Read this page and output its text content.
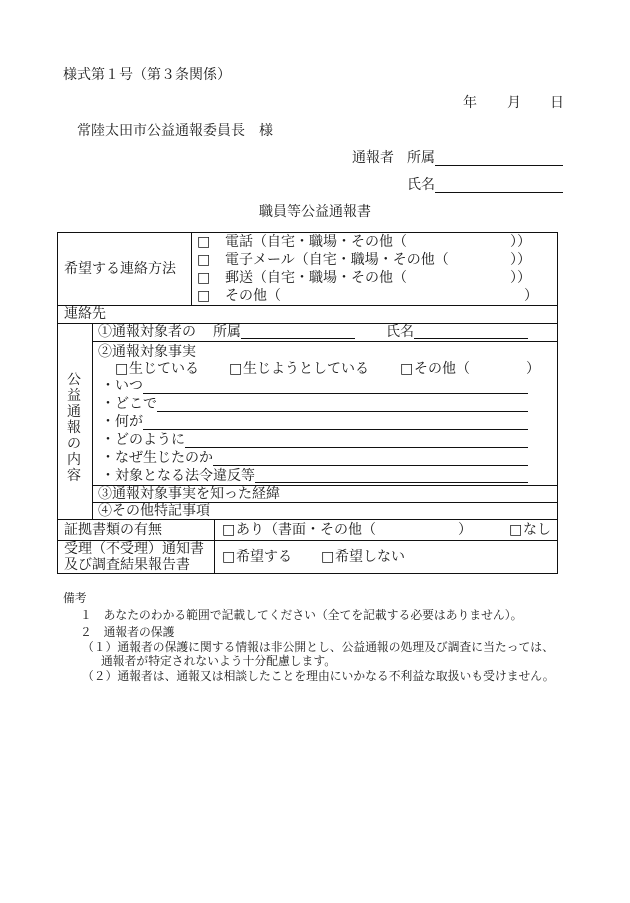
様式第１号（第３条関係）
年 月 日
常陸太田市公益通報委員長　様
通報者 所属
氏名
職員等公益通報書
希望する連絡方法
□ 電話（自宅・職場・その他（	））
□ 電子メール（自宅・職場・その他（	））
□ 郵送（自宅・職場・その他（	））
□ その他（	）
連絡先
公益通報の内容
①通報対象者の 所属	氏名
②通報対象事実
□ 生じている □ 生じようとしている □ その他（	）
・いつ
・どこで
・何が
・どのように
・なぜ生じたのか
・対象となる法令違反等
③通報対象事実を知った経緯
④その他特記事項
証拠書類の有無	□ あり（書面・その他（	）	□ なし
受理（不受理）通知書
及び調査結果報告書 □ 希望する □ 希望しない
備考
１　あなたのわかる範囲で記載してください（全てを記載する必要はありません）。
２　通報者の保護
（１）通報者の保護に関する情報は非公開とし、公益通報の処理及び調査に当たっては、
通報者が特定されないよう十分配慮します。
（２）通報者は、通報又は相談したことを理由にいかなる不利益な取扱いも受けません。
